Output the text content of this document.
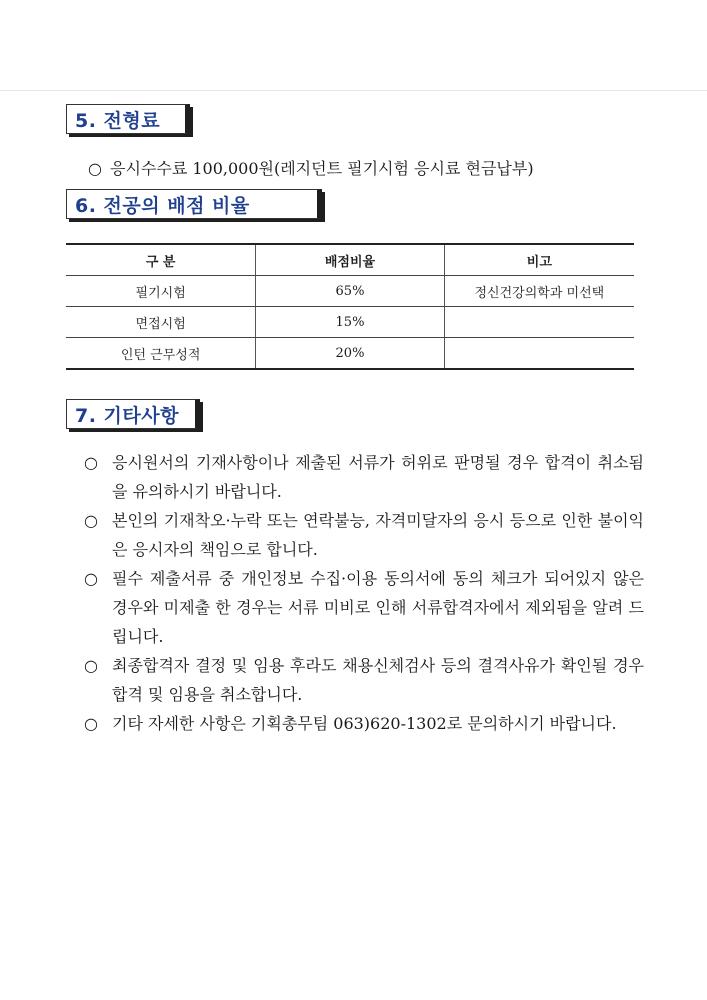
5. 전형료
○ 응시수수료 100,000원(레지던트 필기시험 응시료 현금납부)
6. 전공의 배점 비율
구 분	배점비율	비고
필기시험	65%	정신건강의학과 미선택
면접시험	15%	
인턴 근무성적	20%	
7. 기타사항

○ 응시원서의 기재사항이나 제출된 서류가 허위로 판명될 경우 합격이 취소됨을 유의하시기 바랍니다.

○ 본인의 기재착오·누락 또는 연락불능, 자격미달자의 응시 등으로 인한 불이익은 응시자의 책임으로 합니다.

○ 필수 제출서류 중 개인정보 수집·이용 동의서에 동의 체크가 되어있지 않은 경우와 미제출 한 경우는 서류 미비로 인해 서류합격자에서 제외됨을 알려 드립니다.

○ 최종합격자 결정 및 임용 후라도 채용신체검사 등의 결격사유가 확인될 경우 합격 및 임용을 취소합니다.

○ 기타 자세한 사항은 기획총무팀 063)620-1302로 문의하시기 바랍니다.
